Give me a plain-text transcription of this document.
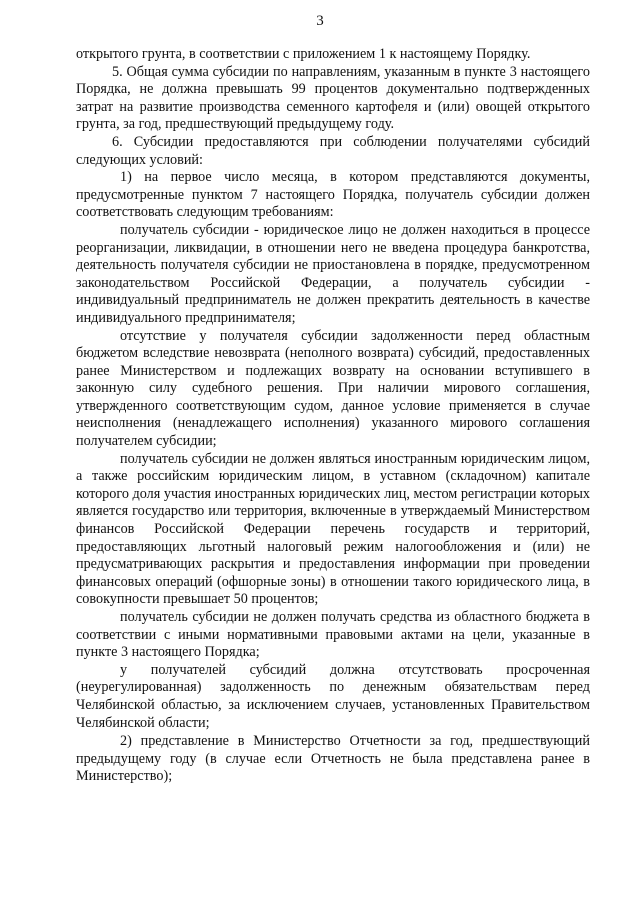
3

открытого грунта, в соответствии с приложением 1 к настоящему Порядку.

5. Общая сумма субсидии по направлениям, указанным в пункте 3 настоящего Порядка, не должна превышать 99 процентов документально подтвержденных затрат на развитие производства семенного картофеля и (или) овощей открытого грунта, за год, предшествующий предыдущему году.

6. Субсидии предоставляются при соблюдении получателями субсидий следующих условий:

1) на первое число месяца, в котором представляются документы, предусмотренные пунктом 7 настоящего Порядка, получатель субсидии должен соответствовать следующим требованиям:

получатель субсидии - юридическое лицо не должен находиться в процессе реорганизации, ликвидации, в отношении него не введена процедура банкротства, деятельность получателя субсидии не приостановлена в порядке, предусмотренном законодательством Российской Федерации, а получатель субсидии - индивидуальный предприниматель не должен прекратить деятельность в качестве индивидуального предпринимателя;

отсутствие у получателя субсидии задолженности перед областным бюджетом вследствие невозврата (неполного возврата) субсидий, предоставленных ранее Министерством и подлежащих возврату на основании вступившего в законную силу судебного решения. При наличии мирового соглашения, утвержденного соответствующим судом, данное условие применяется в случае неисполнения (ненадлежащего исполнения) указанного мирового соглашения получателем субсидии;

получатель субсидии не должен являться иностранным юридическим лицом, а также российским юридическим лицом, в уставном (складочном) капитале которого доля участия иностранных юридических лиц, местом регистрации которых является государство или территория, включенные в утверждаемый Министерством финансов Российской Федерации перечень государств и территорий, предоставляющих льготный налоговый режим налогообложения и (или) не предусматривающих раскрытия и предоставления информации при проведении финансовых операций (офшорные зоны) в отношении такого юридического лица, в совокупности превышает 50 процентов;

получатель субсидии не должен получать средства из областного бюджета в соответствии с иными нормативными правовыми актами на цели, указанные в пункте 3 настоящего Порядка;

у получателей субсидий должна отсутствовать просроченная (неурегулированная) задолженность по денежным обязательствам перед Челябинской областью, за исключением случаев, установленных Правительством Челябинской области;

2) представление в Министерство Отчетности за год, предшествующий предыдущему году (в случае если Отчетность не была представлена ранее в Министерство);
